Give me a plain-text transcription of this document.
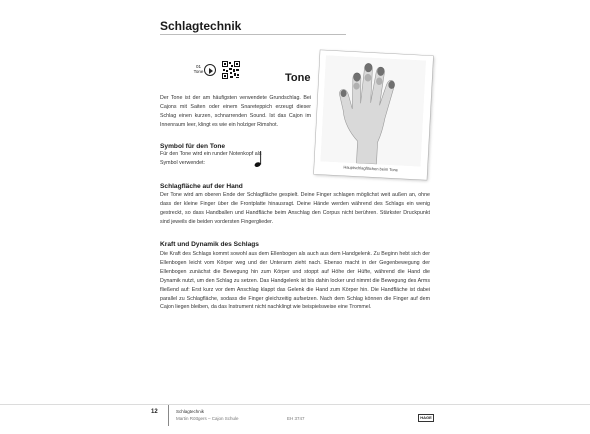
Schlagtechnik
01
Tone
Tone
Der Tone ist der am häufigsten verwendete Grundschlag. Bei Cajons mit Saiten oder einem Snareteppich erzeugt dieser Schlag einen kurzen, schnarrenden Sound. Ist das Cajon im Innenraum leer, klingt es wie ein holziger Rimshot.
Symbol für den Tone
Für den Tone wird ein runder Notenkopf als Symbol verwendet:
Schlagfläche auf der Hand
Der Tone wird am oberen Ende der Schlagfläche gespielt. Deine Finger schlagen möglichst weit außen an, ohne dass der kleine Finger über die Frontplatte hinausragt. Deine Hände werden während des Schlags ein wenig gestreckt, so dass Handballen und Handfläche beim Anschlag den Corpus nicht berühren. Stärkster Druckpunkt sind jeweils die beiden vordersten Fingerglieder.
Kraft und Dynamik des Schlags
Die Kraft des Schlags kommt sowohl aus dem Ellenbogen als auch aus dem Handgelenk. Zu Beginn hebt sich der Ellenbogen leicht vom Körper weg und der Unterarm zieht nach. Ebenso macht in der Gegenbewegung der Ellenbogen zunächst die Bewegung hin zum Körper und stoppt auf Höhe der Hüfte, während die Hand die Dynamik nutzt, um den Schlag zu setzen. Das Handgelenk ist bis dahin locker und nimmt die Bewegung des Arms fließend auf: Erst kurz vor dem Anschlag klappt das Gelenk die Hand zum Körper hin. Die Handfläche ist dabei parallel zu Schlagfläche, sodass die Finger gleichzeitig aufsetzen. Nach dem Schlag können die Finger auf dem Cajon liegen bleiben, da das Instrument nicht nachklingt wie beispielsweise eine Trommel.
Hauptschlagflächen beim Tone
12	Schlagtechnik
Martin Röttgers – Cajon Schule	EH 3747	HAGE
